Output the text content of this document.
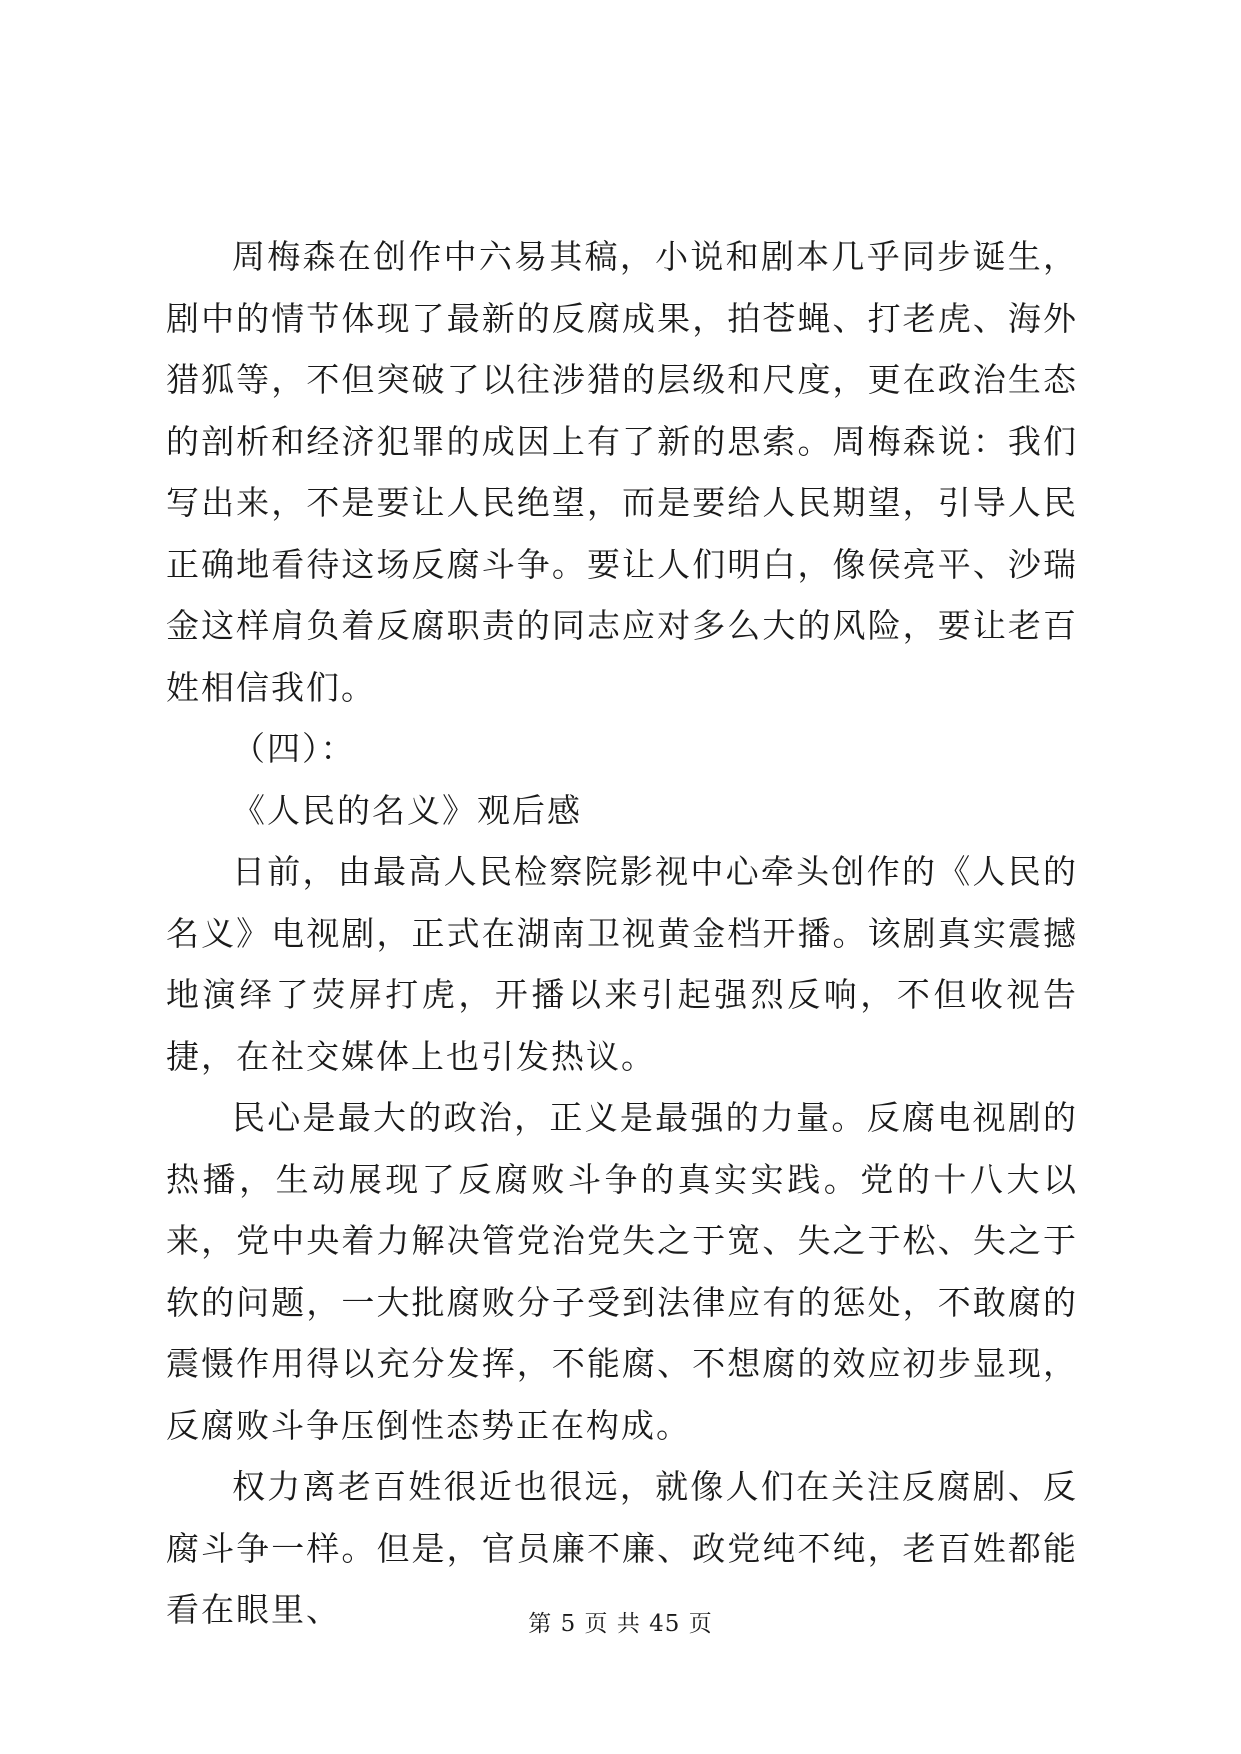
周梅森在创作中六易其稿，小说和剧本几乎同步诞生，剧中的情节体现了最新的反腐成果，拍苍蝇、打老虎、海外猎狐等，不但突破了以往涉猎的层级和尺度，更在政治生态的剖析和经济犯罪的成因上有了新的思索。周梅森说：我们写出来，不是要让人民绝望，而是要给人民期望，引导人民正确地看待这场反腐斗争。要让人们明白，像侯亮平、沙瑞金这样肩负着反腐职责的同志应对多么大的风险，要让老百姓相信我们。

（四）：

《人民的名义》观后感

日前，由最高人民检察院影视中心牵头创作的《人民的名义》电视剧，正式在湖南卫视黄金档开播。该剧真实震撼地演绎了荧屏打虎，开播以来引起强烈反响，不但收视告捷，在社交媒体上也引发热议。

民心是最大的政治，正义是最强的力量。反腐电视剧的热播，生动展现了反腐败斗争的真实实践。党的十八大以来，党中央着力解决管党治党失之于宽、失之于松、失之于软的问题，一大批腐败分子受到法律应有的惩处，不敢腐的震慑作用得以充分发挥，不能腐、不想腐的效应初步显现，反腐败斗争压倒性态势正在构成。

权力离老百姓很近也很远，就像人们在关注反腐剧、反腐斗争一样。但是，官员廉不廉、政党纯不纯，老百姓都能看在眼里、	第 5 页 共 45 页
